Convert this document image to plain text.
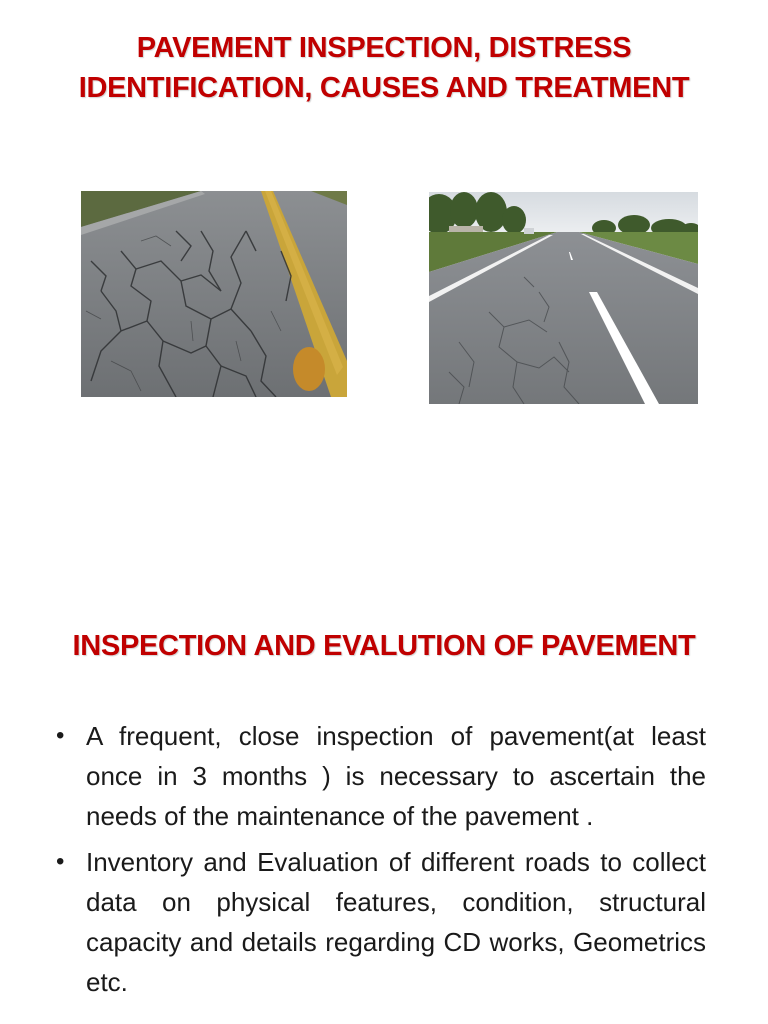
PAVEMENT INSPECTION, DISTRESS
IDENTIFICATION, CAUSES AND TREATMENT
INSPECTION AND EVALUTION OF PAVEMENT
• A frequent, close inspection of pavement(at least once in 3 months ) is necessary to ascertain the needs of the maintenance of the pavement .
• Inventory and Evaluation of different roads to collect data on physical features, condition, structural capacity and details regarding CD works, Geometrics etc.
